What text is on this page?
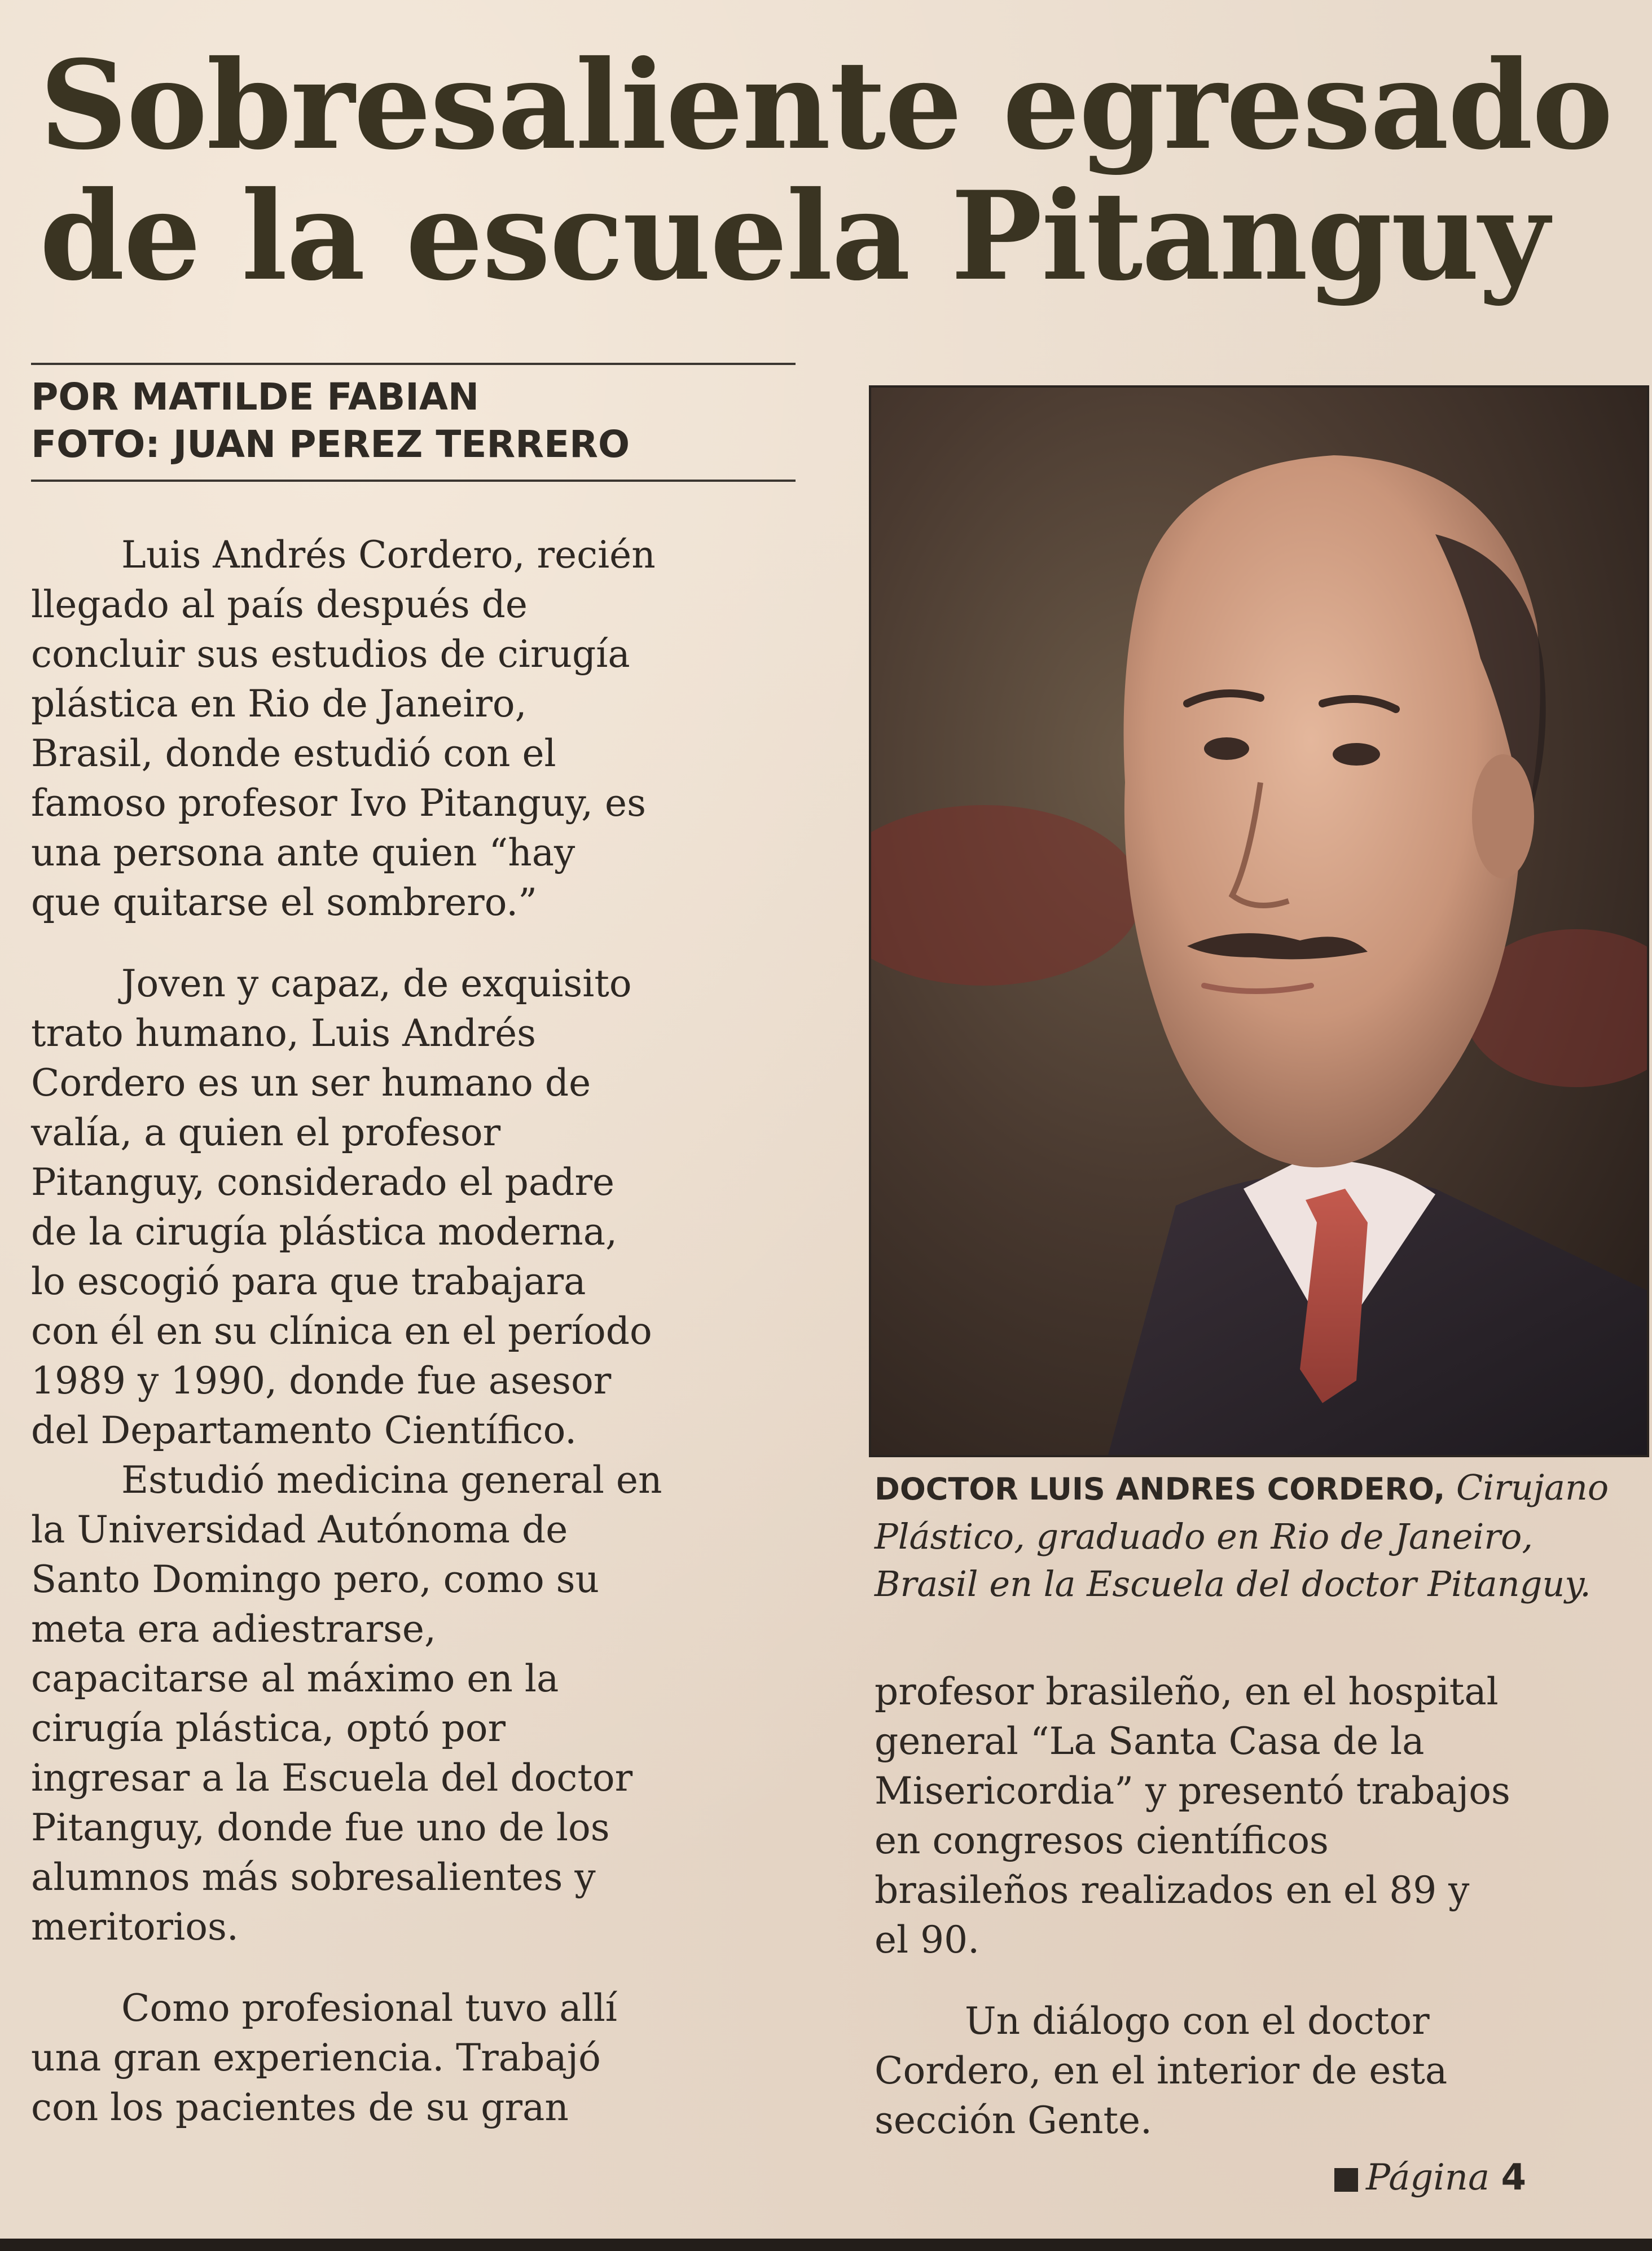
Sobresaliente egresado
de la escuela Pitanguy
POR MATILDE FABIAN
FOTO: JUAN PEREZ TERRERO

Luis Andrés Cordero, recién

llegado al país después de

concluir sus estudios de cirugía

plástica en Rio de Janeiro,

Brasil, donde estudió con el

famoso profesor Ivo Pitanguy, es

una persona ante quien “hay

que quitarse el sombrero.”

Joven y capaz, de exquisito

trato humano, Luis Andrés

Cordero es un ser humano de

valía, a quien el profesor

Pitanguy, considerado el padre

de la cirugía plástica moderna,

lo escogió para que trabajara

con él en su clínica en el período

1989 y 1990, donde fue asesor

del Departamento Científico.

Estudió medicina general en

la Universidad Autónoma de

Santo Domingo pero, como su

meta era adiestrarse,

capacitarse al máximo en la

cirugía plástica, optó por

ingresar a la Escuela del doctor

Pitanguy, donde fue uno de los

alumnos más sobresalientes y

meritorios.

Como profesional tuvo allí

una gran experiencia. Trabajó

con los pacientes de su gran

DOCTOR LUIS ANDRES CORDERO, Cirujano
Plástico, graduado en Rio de Janeiro,
Brasil en la Escuela del doctor Pitanguy.

profesor brasileño, en el hospital

general “La Santa Casa de la

Misericordia” y presentó trabajos

en congresos científicos

brasileños realizados en el 89 y

el 90.

Un diálogo con el doctor

Cordero, en el interior de esta

sección Gente.

Página 4
